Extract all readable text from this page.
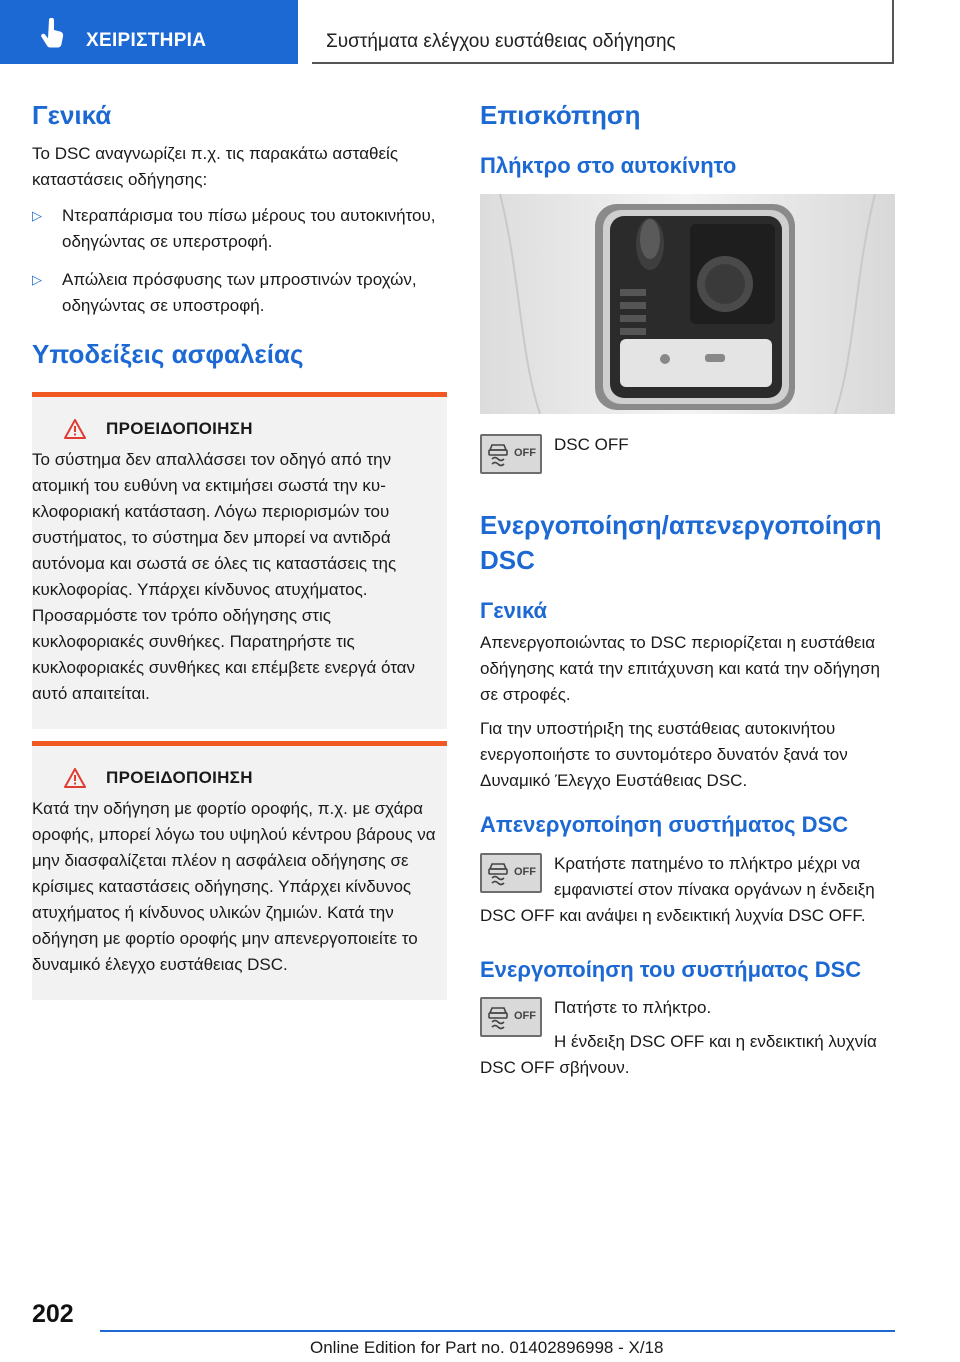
ΧΕΙΡΙΣΤΗΡΙΑ	Συστήματα ελέγχου ευστάθειας οδήγησης
Γενικά

Το DSC αναγνωρίζει π.χ. τις παρακάτω ασταθείς καταστάσεις οδήγησης:

▷ Ντεραπάρισμα του πίσω μέρους του αυτοκινήτου, οδηγώντας σε υπερστροφή.
▷ Απώλεια πρόσφυσης των μπροστινών τροχών, οδηγώντας σε υποστροφή.
Υποδείξεις ασφαλείας
ΠΡΟΕΙΔΟΠΟΙΗΣΗ

Το σύστημα δεν απαλλάσσει τον οδηγό από την ατομική του ευθύνη να εκτιμήσει σωστά την κυκλοφοριακή κατάσταση. Λόγω περιορισμών του συστήματος, το σύστημα δεν μπορεί να αντιδρά αυτόνομα και σωστά σε όλες τις καταστάσεις της κυκλοφορίας. Υπάρχει κίνδυνος ατυχήματος. Προσαρμόστε τον τρόπο οδήγησης στις κυκλοφοριακές συνθήκες. Παρατηρήστε τις κυκλοφοριακές συνθήκες και επέμβετε ενεργά όταν αυτό απαιτείται.

ΠΡΟΕΙΔΟΠΟΙΗΣΗ

Κατά την οδήγηση με φορτίο οροφής, π.χ. με σχάρα οροφής, μπορεί λόγω του υψηλού κέντρου βάρους να μην διασφαλίζεται πλέον η ασφάλεια οδήγησης σε κρίσιμες καταστάσεις οδήγησης. Υπάρχει κίνδυνος ατυχήματος ή κίνδυνος υλικών ζημιών. Κατά την οδήγηση με φορτίο οροφής μην απενεργοποιείτε το δυναμικό έλεγχο ευστάθειας DSC.

Επισκόπηση
Πλήκτρο στο αυτοκίνητο
OFF DSC OFF

Ενεργοποίηση/απενεργοποίηση DSC
Γενικά

Απενεργοποιώντας το DSC περιορίζεται η ευστάθεια οδήγησης κατά την επιτάχυνση και κατά την οδήγηση σε στροφές.

Για την υποστήριξη της ευστάθειας αυτοκινήτου ενεργοποιήστε το συντομότερο δυνατόν ξανά τον Δυναμικό Έλεγχο Ευστάθειας DSC.

Απενεργοποίηση συστήματος DSC
OFF	Κρατήστε πατημένο το πλήκτρο μέχρι να εμφανιστεί στον πίνακα οργάνων η ένδειξη DSC OFF και ανάψει η ενδεικτική λυχνία DSC OFF.

Ενεργοποίηση του συστήματος DSC
OFF	Πατήστε το πλήκτρο.

Η ένδειξη DSC OFF και η ενδεικτική λυχνία DSC OFF σβήνουν.

202
Online Edition for Part no. 01402896998 - X/18
